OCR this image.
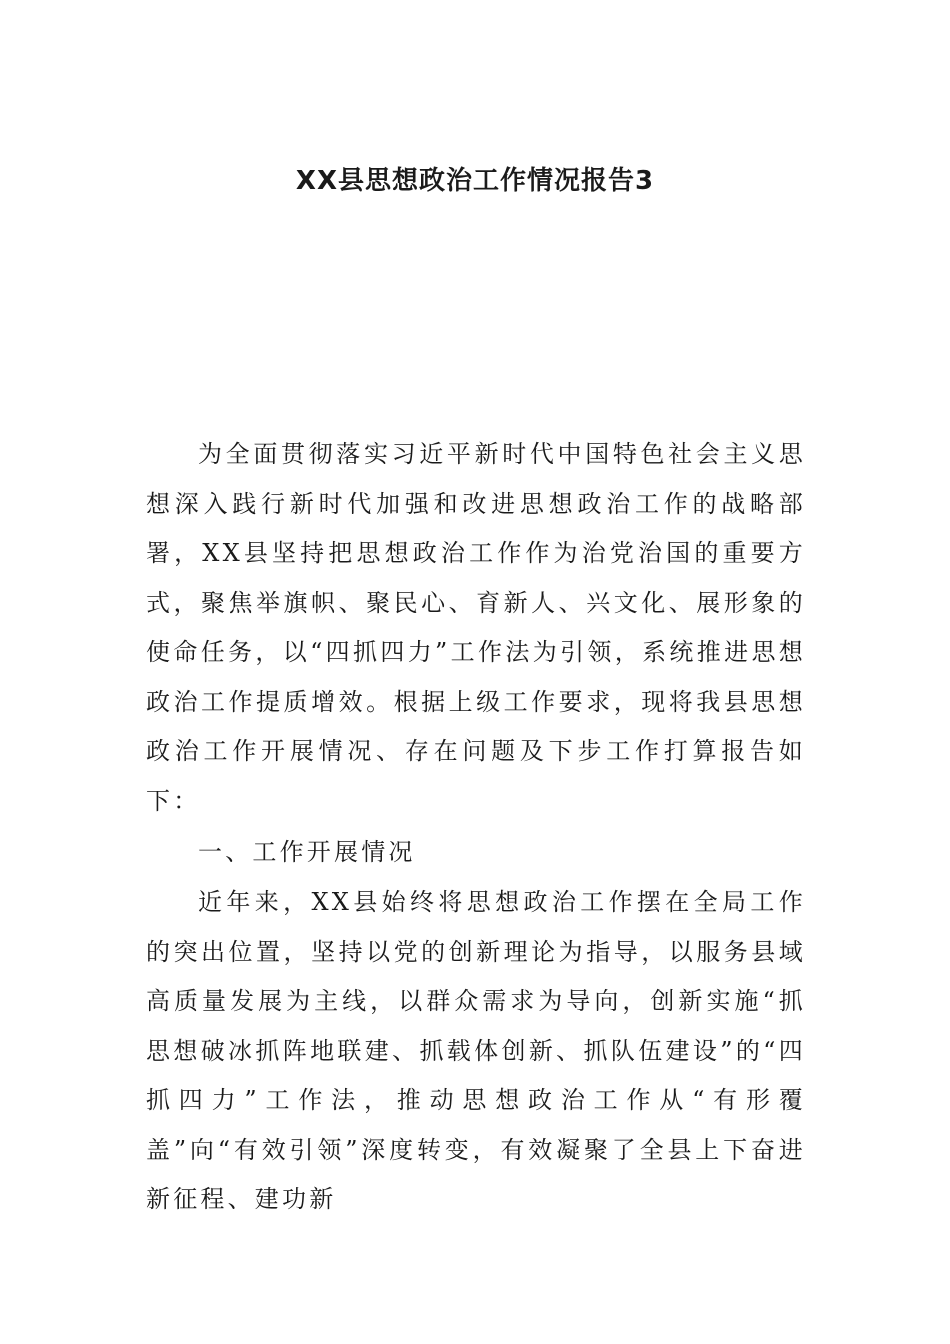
XX县思想政治工作情况报告3

为全面贯彻落实习近平新时代中国特色社会主义思想深入践行新时代加强和改进思想政治工作的战略部署，XX县坚持把思想政治工作作为治党治国的重要方式，聚焦举旗帜、聚民心、育新人、兴文化、展形象的使命任务，以“四抓四力”工作法为引领，系统推进思想政治工作提质增效。根据上级工作要求，现将我县思想政治工作开展情况、存在问题及下步工作打算报告如下：

一、工作开展情况

近年来，XX县始终将思想政治工作摆在全局工作的突出位置，坚持以党的创新理论为指导，以服务县域高质量发展为主线，以群众需求为导向，创新实施“抓思想破冰抓阵地联建、抓载体创新、抓队伍建设”的“四抓四力”工作法，推动思想政治工作从“有形覆盖”向“有效引领”深度转变，有效凝聚了全县上下奋进新征程、建功新
